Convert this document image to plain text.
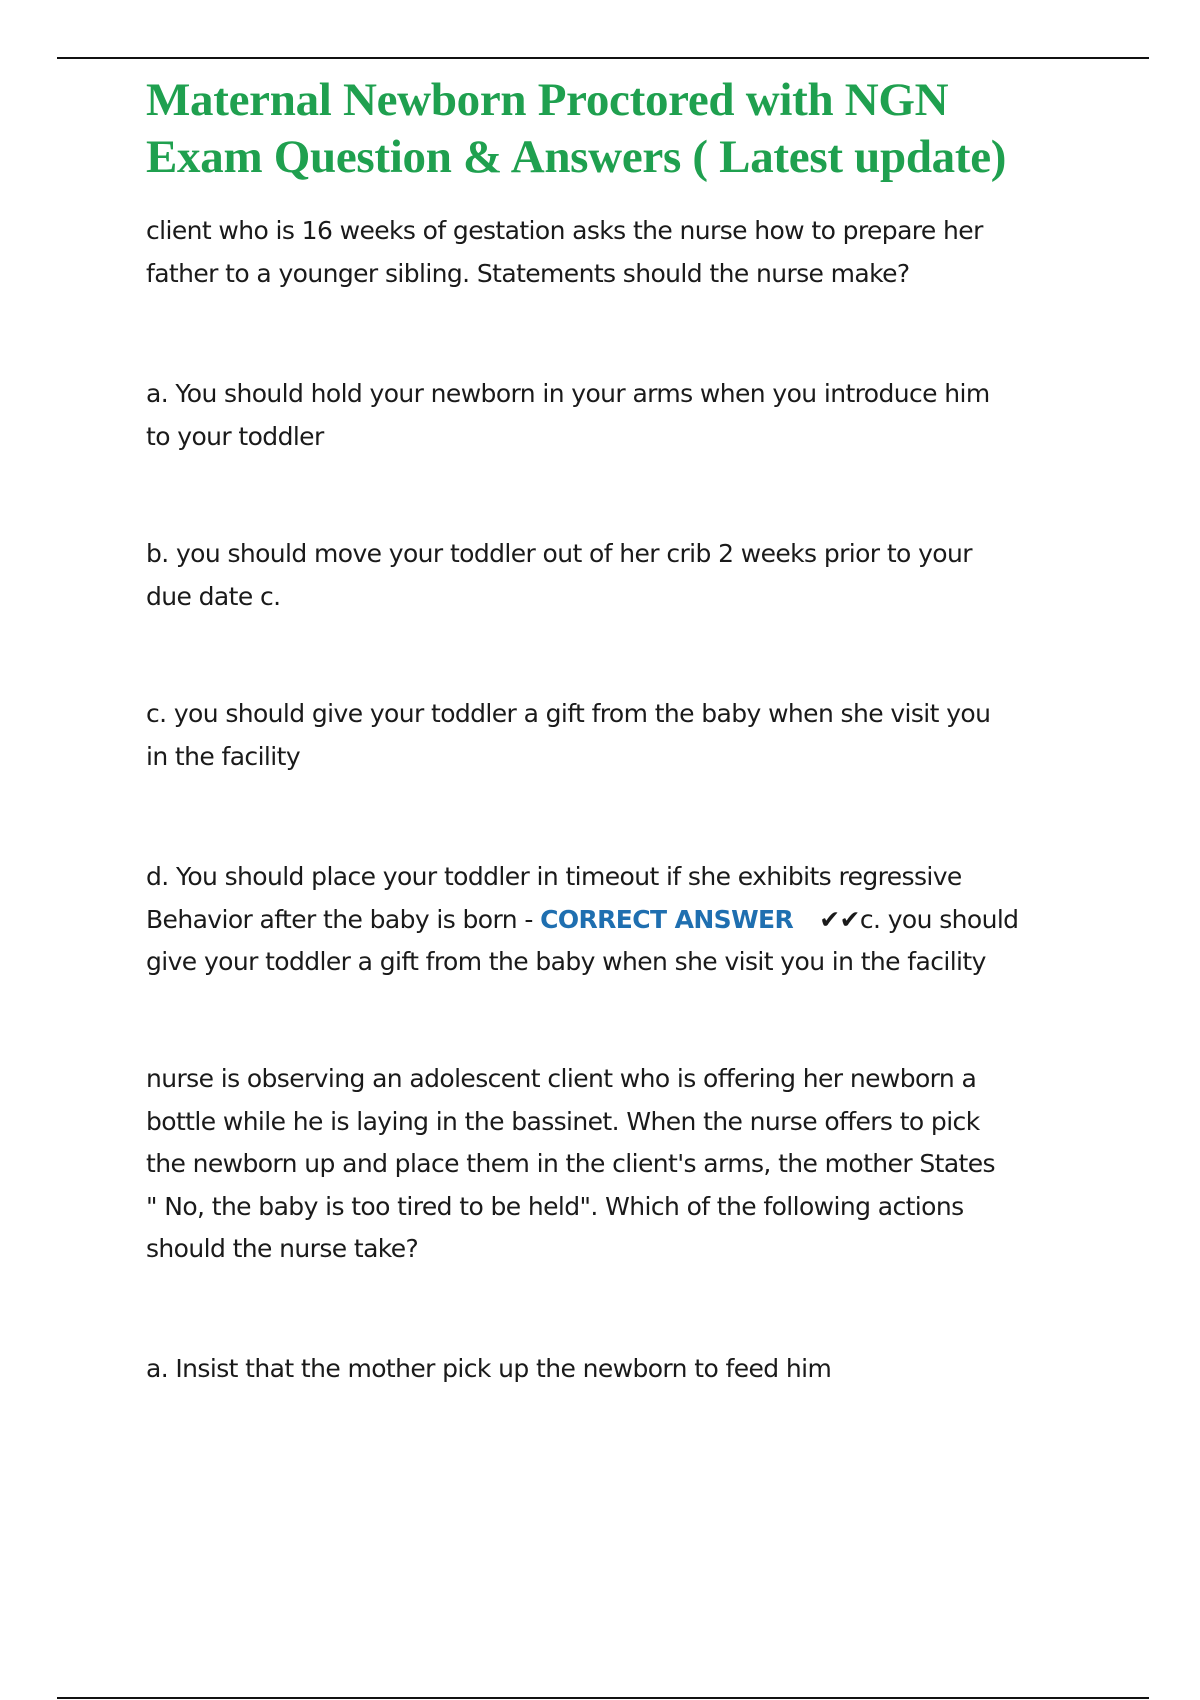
Maternal Newborn Proctored with NGN
Exam Question & Answers ( Latest update)
client who is 16 weeks of gestation asks the nurse how to prepare her
father to a younger sibling. Statements should the nurse make?
a. You should hold your newborn in your arms when you introduce him
to your toddler
b. you should move your toddler out of her crib 2 weeks prior to your
due date c.
c. you should give your toddler a gift from the baby when she visit you
in the facility
d. You should place your toddler in timeout if she exhibits regressive
Behavior after the baby is born - CORRECT ANSWER ✔✔c. you should
give your toddler a gift from the baby when she visit you in the facility
nurse is observing an adolescent client who is offering her newborn a
bottle while he is laying in the bassinet. When the nurse offers to pick
the newborn up and place them in the client's arms, the mother States
" No, the baby is too tired to be held". Which of the following actions
should the nurse take?
a. Insist that the mother pick up the newborn to feed him
